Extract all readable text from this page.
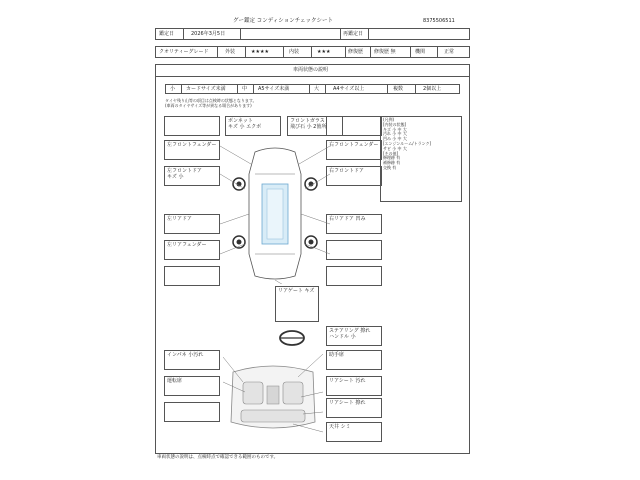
グー鑑定 コンディションチェックシート	8375506511
鑑定日	2026年3月5日	再鑑定日
クオリティーグレード	外装	★★★★	内装	★★★	修復歴 修復歴 無	機関	正常
車両状態の説明
小 カードサイズ未満	中 A5サイズ未満	大	A4サイズ以上	複数	2個以上
タイヤ残り山等の項目は点検時の状態となります。
(車両のタイヤサイズ等が異なる場合があります)
(凡例)
[内装の状態]
キズ 小 中 大
汚れ 小 中 大
凹み 小 中 大
[エンジンルーム/トランク]
サビ 小 中 大
[その他]
修理跡 有
補修跡 有
交換 有
ボンネット
キズ 小 エクボ
フロントガラス
飛び石 小 2箇所
左フロントフェンダー
左フロントドア
キズ 小
左リアドア
左リアフェンダー
右フロントフェンダー
右フロントドア
右リアドア 凹み
リアゲート キズ
インパネ 小汚れ
運転席
ステアリング 擦れ
ハンドル 小
助手席
リアシート 汚れ
リアシート 擦れ
天井 シミ
車両状態の説明は、点検時点で確認できる範囲のものです。
